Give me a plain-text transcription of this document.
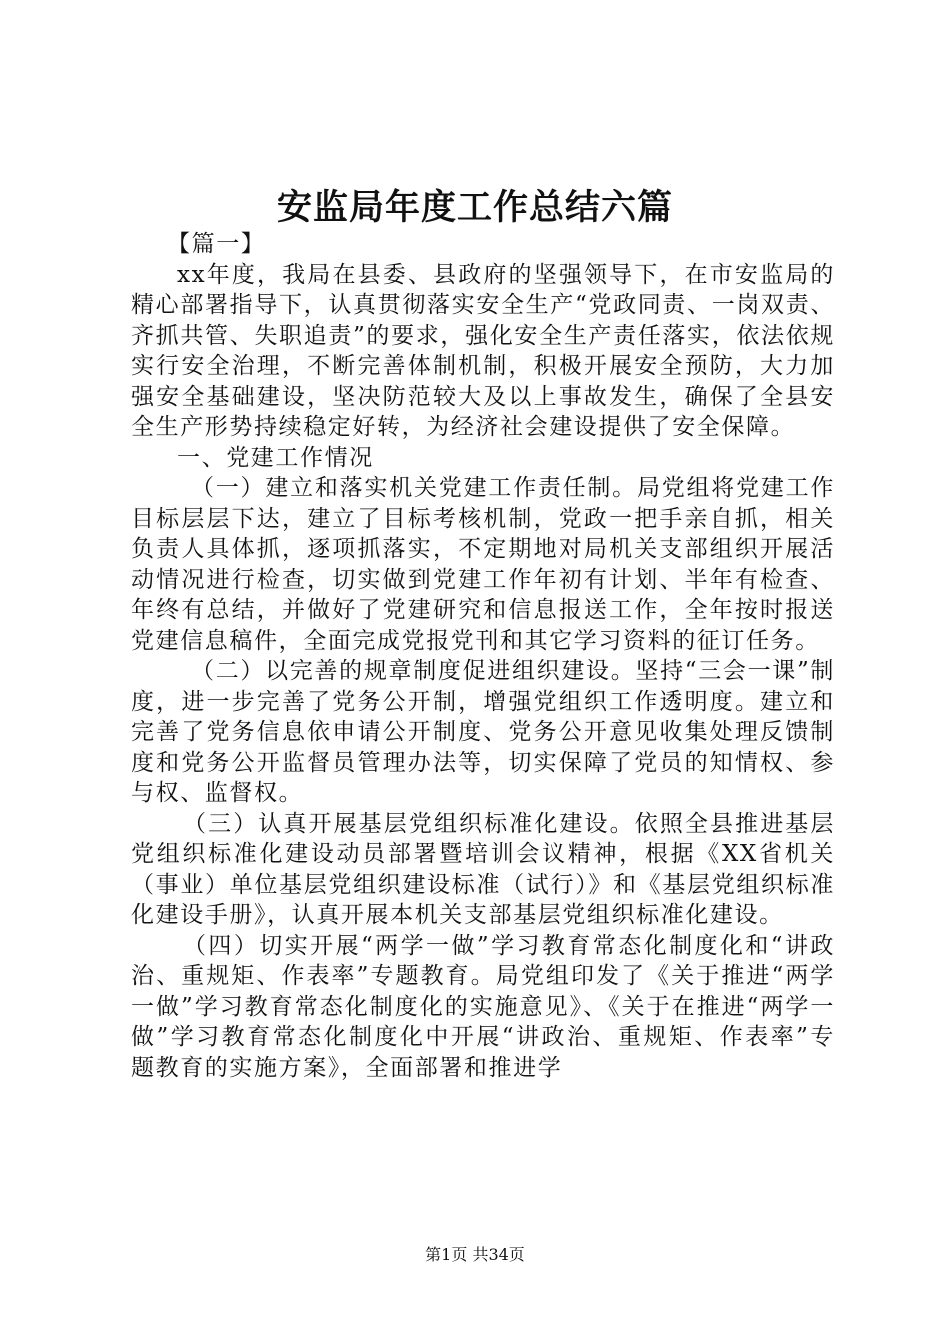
安监局年度工作总结六篇

【篇一】

xx年度，我局在县委、县政府的坚强领导下，在市安监局的精心部署指导下，认真贯彻落实安全生产“党政同责、一岗双责、齐抓共管、失职追责”的要求，强化安全生产责任落实，依法依规实行安全治理，不断完善体制机制，积极开展安全预防，大力加强安全基础建设，坚决防范较大及以上事故发生，确保了全县安全生产形势持续稳定好转，为经济社会建设提供了安全保障。

一、党建工作情况

（一）建立和落实机关党建工作责任制。局党组将党建工作目标层层下达，建立了目标考核机制，党政一把手亲自抓，相关负责人具体抓，逐项抓落实，不定期地对局机关支部组织开展活动情况进行检查，切实做到党建工作年初有计划、半年有检查、年终有总结，并做好了党建研究和信息报送工作，全年按时报送党建信息稿件，全面完成党报党刊和其它学习资料的征订任务。

（二）以完善的规章制度促进组织建设。坚持“三会一课”制度，进一步完善了党务公开制，增强党组织工作透明度。建立和完善了党务信息依申请公开制度、党务公开意见收集处理反馈制度和党务公开监督员管理办法等，切实保障了党员的知情权、参与权、监督权。

（三）认真开展基层党组织标准化建设。依照全县推进基层党组织标准化建设动员部署暨培训会议精神，根据《XX省机关（事业）单位基层党组织建设标准（试行）》和《基层党组织标准化建设手册》，认真开展本机关支部基层党组织标准化建设。

（四）切实开展“两学一做”学习教育常态化制度化和“讲政治、重规矩、作表率”专题教育。局党组印发了《关于推进“两学一做”学习教育常态化制度化的实施意见》、《关于在推进“两学一做”学习教育常态化制度化中开展“讲政治、重规矩、作表率”专题教育的实施方案》，全面部署和推进学

第1页 共34页
